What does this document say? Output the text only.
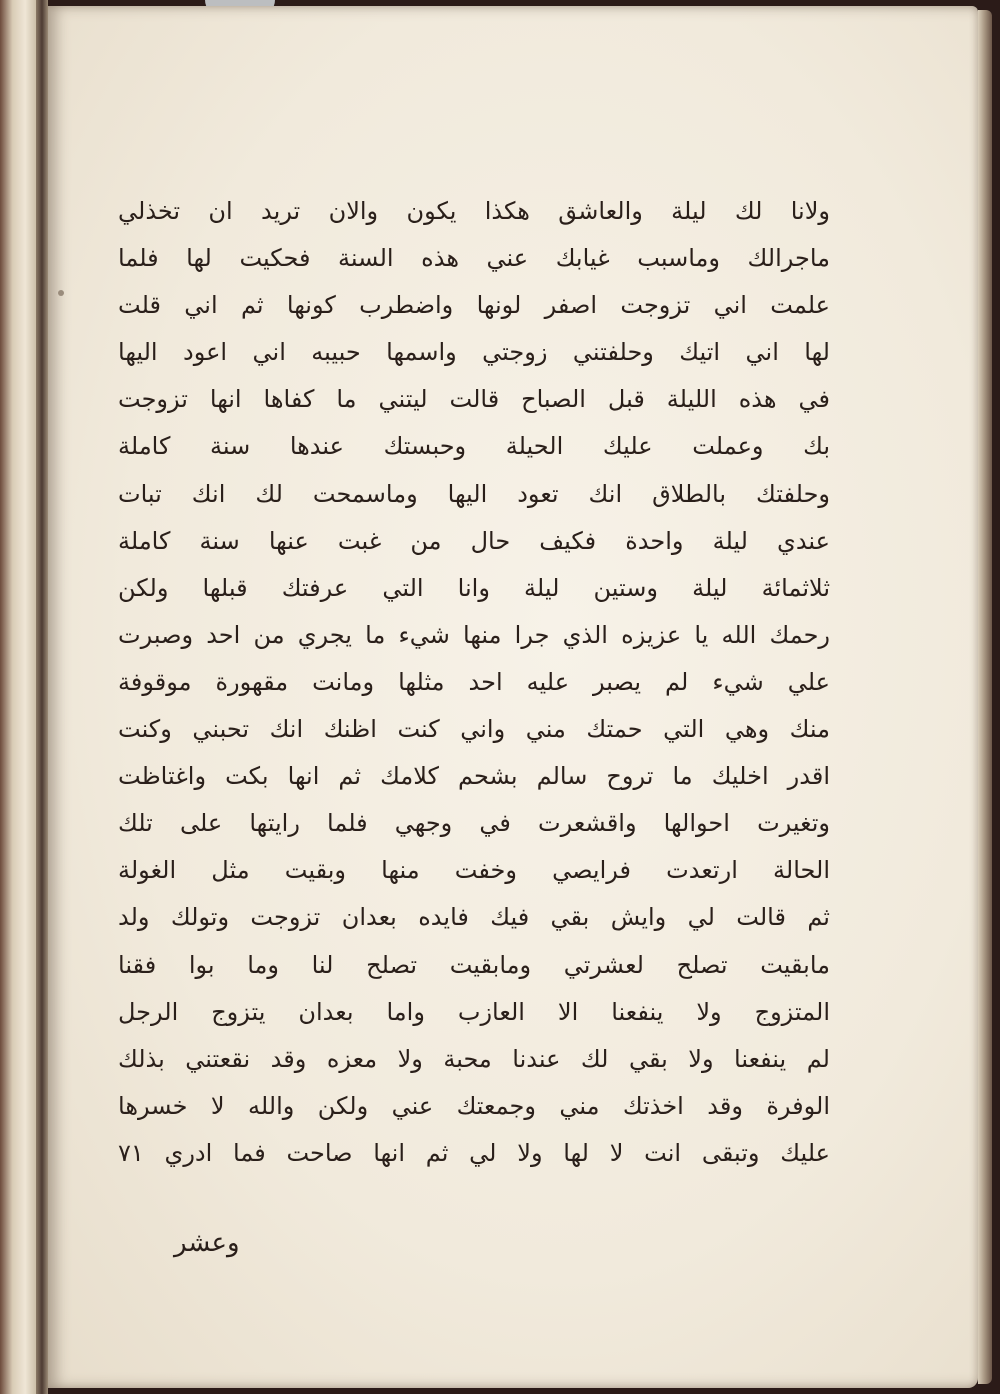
ولانا لك ليلة والعاشق هكذا يكون والان تريد ان تخذلي
ماجرالك وماسبب غيابك عني هذه السنة فحكيت لها فلما
علمت اني تزوجت اصفر لونها واضطرب كونها ثم اني قلت
لها اني اتيك وحلفتني زوجتي واسمها حبيبه اني اعود اليها
في هذه الليلة قبل الصباح قالت ليتني ما كفاها انها تزوجت
بك وعملت عليك الحيلة وحبستك عندها سنة كاملة
وحلفتك بالطلاق انك تعود اليها وماسمحت لك انك تبات
عندي ليلة واحدة فكيف حال من غبت عنها سنة كاملة
ثلاثمائة ليلة وستين ليلة وانا التي عرفتك قبلها ولكن
رحمك الله يا عزيزه الذي جرا منها شيء ما يجري من احد وصبرت
علي شيء لم يصبر عليه احد مثلها ومانت مقهورة موقوفة
منك وهي التي حمتك مني واني كنت اظنك انك تحبني وكنت
اقدر اخليك ما تروح سالم بشحم كلامك ثم انها بكت واغتاظت
وتغيرت احوالها واقشعرت في وجهي فلما رايتها على تلك
الحالة ارتعدت فرايصي وخفت منها وبقيت مثل الغولة
ثم قالت لي وايش بقي فيك فايده بعدان تزوجت وتولك ولد
مابقيت تصلح لعشرتي ومابقيت تصلح لنا وما بوا فقنا
المتزوج ولا ينفعنا الا العازب واما بعدان يتزوج الرجل
لم ينفعنا ولا بقي لك عندنا محبة ولا معزه وقد نقعتني بذلك
الوفرة وقد اخذتك مني وجمعتك عني ولكن والله لا خسرها
عليك وتبقى انت لا لها ولا لي ثم انها صاحت فما ادري ٧١
وعشر
